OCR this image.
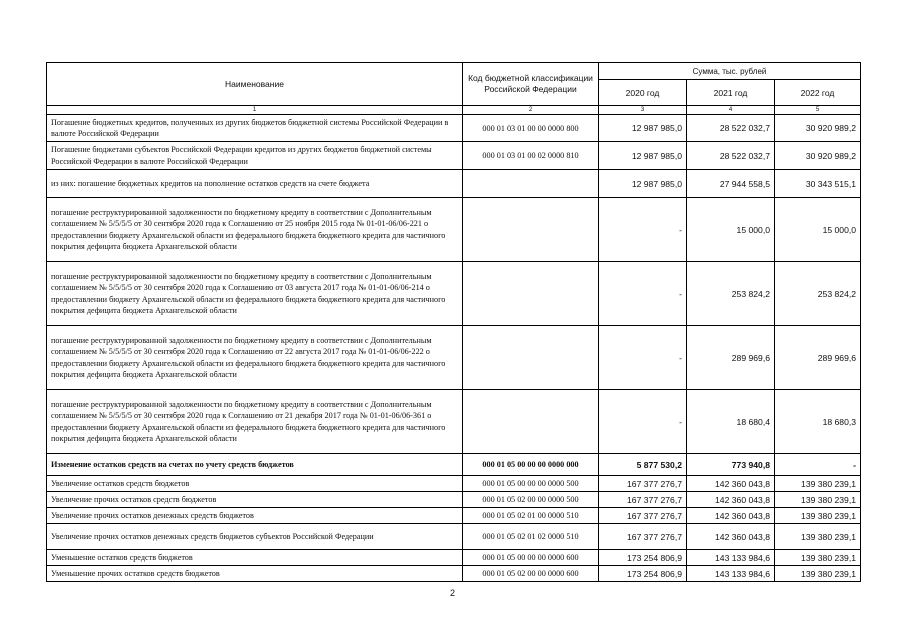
Наименование	Код бюджетной классификации Российской Федерации	Сумма, тыс. рублей		
		2020 год	2021 год	2022 год
1	2	3	4	5
Погашение бюджетных кредитов, полученных из других бюджетов бюджетной системы Российской Федерации в валюте Российской Федерации	000 01 03 01 00 00 0000 800	12 987 985,0	28 522 032,7	30 920 989,2
Погашение бюджетами субъектов Российской Федерации кредитов из других бюджетов бюджетной системы Российской Федерации в валюте Российской Федерации	000 01 03 01 00 02 0000 810	12 987 985,0	28 522 032,7	30 920 989,2
из них: погашение бюджетных кредитов на пополнение остатков средств на счете бюджета		12 987 985,0	27 944 558,5	30 343 515,1
погашение реструктурированной задолженности по бюджетному кредиту в соответствии с Дополнительным соглашением № 5/5/5/5 от 30 сентября 2020 года к Соглашению от 25 ноября 2015 года № 01-01-06/06-221 о предоставлении бюджету Архангельской области из федерального бюджета бюджетного кредита для частичного покрытия дефицита бюджета Архангельской области		-	15 000,0	15 000,0
погашение реструктурированной задолженности по бюджетному кредиту в соответствии с Дополнительным соглашением № 5/5/5/5 от 30 сентября 2020 года к Соглашению от 03 августа 2017 года № 01-01-06/06-214 о предоставлении бюджету Архангельской области из федерального бюджета бюджетного кредита для частичного покрытия дефицита бюджета Архангельской области		-	253 824,2	253 824,2
погашение реструктурированной задолженности по бюджетному кредиту в соответствии с Дополнительным соглашением № 5/5/5/5 от 30 сентября 2020 года к Соглашению от 22 августа 2017 года № 01-01-06/06-222 о предоставлении бюджету Архангельской области из федерального бюджета бюджетного кредита для частичного покрытия дефицита бюджета Архангельской области		-	289 969,6	289 969,6
погашение реструктурированной задолженности по бюджетному кредиту в соответствии с Дополнительным соглашением № 5/5/5/5 от 30 сентября 2020 года к Соглашению от 21 декабря 2017 года № 01-01-06/06-361 о предоставлении бюджету Архангельской области из федерального бюджета бюджетного кредита для частичного покрытия дефицита бюджета Архангельской области		-	18 680,4	18 680,3
Изменение остатков средств на счетах по учету средств бюджетов	000 01 05 00 00 00 0000 000	5 877 530,2	773 940,8	-
Увеличение остатков средств бюджетов	000 01 05 00 00 00 0000 500	167 377 276,7	142 360 043,8	139 380 239,1
Увеличение прочих остатков средств бюджетов	000 01 05 02 00 00 0000 500	167 377 276,7	142 360 043,8	139 380 239,1
Увеличение прочих остатков денежных средств бюджетов	000 01 05 02 01 00 0000 510	167 377 276,7	142 360 043,8	139 380 239,1
Увеличение прочих остатков денежных средств бюджетов субъектов Российской Федерации	000 01 05 02 01 02 0000 510	167 377 276,7	142 360 043,8	139 380 239,1
Уменьшение остатков средств бюджетов	000 01 05 00 00 00 0000 600	173 254 806,9	143 133 984,6	139 380 239,1
Уменьшение прочих остатков средств бюджетов	000 01 05 02 00 00 0000 600	173 254 806,9	143 133 984,6	139 380 239,1
2
